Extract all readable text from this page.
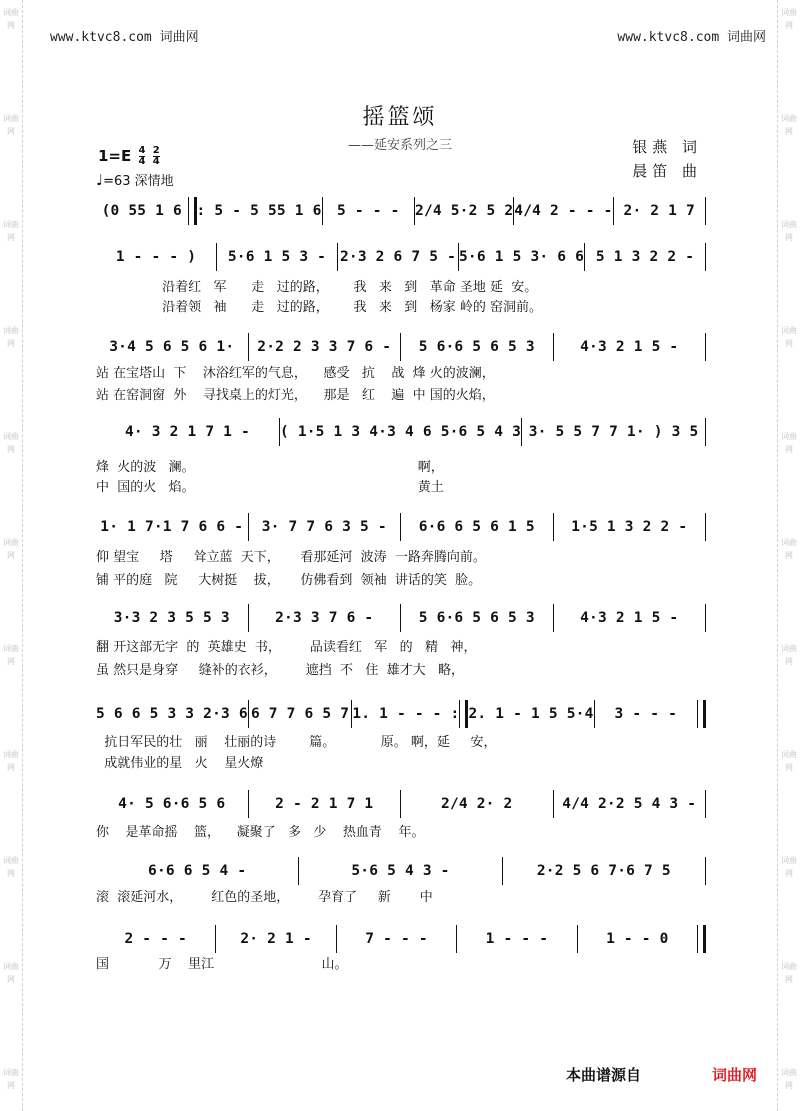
词曲网
词曲网
词曲网
词曲网
词曲网
词曲网
词曲网
词曲网
词曲网
词曲网
词曲网
词曲网
词曲网
词曲网
词曲网
词曲网
词曲网
词曲网
词曲网
词曲网
词曲网
词曲网
www.ktvc8.com 词曲网	www.ktvc8.com 词曲网
摇篮颂
——延安系列之三	银燕 词
晨笛 曲
$1=E \frac{4}{4}$
$\frac{2}{4}$
♩=63 深情地
(0 55 1 6	: 5 - 5 55 1 6	5 - - -	2/4 5·2 5 2 4/4 2 - - - 2· 2 1 7
1 - - - )	5·6 1 5 3 - 2·3 2 6 7 5 - 5·6 1 5 3· 6 6 5 1 3 2 2 -
沿着红   军      走   过的路，      我   来   到   革命 圣地 延  安。
沿着领   袖      走   过的路，      我   来   到   杨家 岭的 窑洞前。
3·4 5 6 5 6 1·	2·2 2 3 3 7 6 -	5 6·6 5 6 5 3	4·3 2 1 5 -
站 在宝塔山  下    沐浴红军的气息，    感受   抗    战  烽 火的波澜，
站 在窑洞窗  外    寻找桌上的灯光，    那是   红    遍  中 国的火焰，
4· 3 2 1 7 1 -	( 1·5 1 3 4·3 4 6 5·6 5 4 3 3· 5 5 7 7 1· ) 3 5
烽  火的波   澜。                                                      啊，
中  国的火   焰。                                                      黄土
1· 1 7·1 7 6 6 -	3· 7 7 6 3 5 -	6·6 6 5 6 1 5	1·5 1 3 2 2 -
仰 望宝     塔     耸立蓝  天下，     看那延河  波涛  一路奔腾向前。
铺 平的庭   院     大树挺    拔，     仿佛看到  领袖  讲话的笑  脸。
3·3 2 3 5 5 3	2·3 3 7 6 -	5 6·6 5 6 5 3	4·3 2 1 5 -
翻 开这部无字  的  英雄史  书，       品读看红   军   的   精   神，
虽 然只是身穿     缝补的衣衫，       遮挡  不   住  雄才大   略，
5 6 6 5 3 3 2·3 6 6 7 7 6 5 7 1. 1 - - - : 2. 1 - 1 5 5·4	3 - - -
抗日军民的壮   丽    壮丽的诗        篇。           原。 啊，延     安，
成就伟业的星   火    星火燎
4· 5 6·6 5 6	2 - 2 1 7 1	2/4 2· 2	4/4 2·2 5 4 3 -
你    是革命摇    篮，    凝聚了   多   少    热血青    年。
6·6 6 5 4 -	5·6 5 4 3 -	2·2 5 6 7·6 7 5
滚  滚延河水，       红色的圣地，       孕育了     新       中
2 - - -	2· 2 1 -	7 - - -	1 - - -	1 - - 0
国            万    里江                          山。
本曲谱源自	词曲网
